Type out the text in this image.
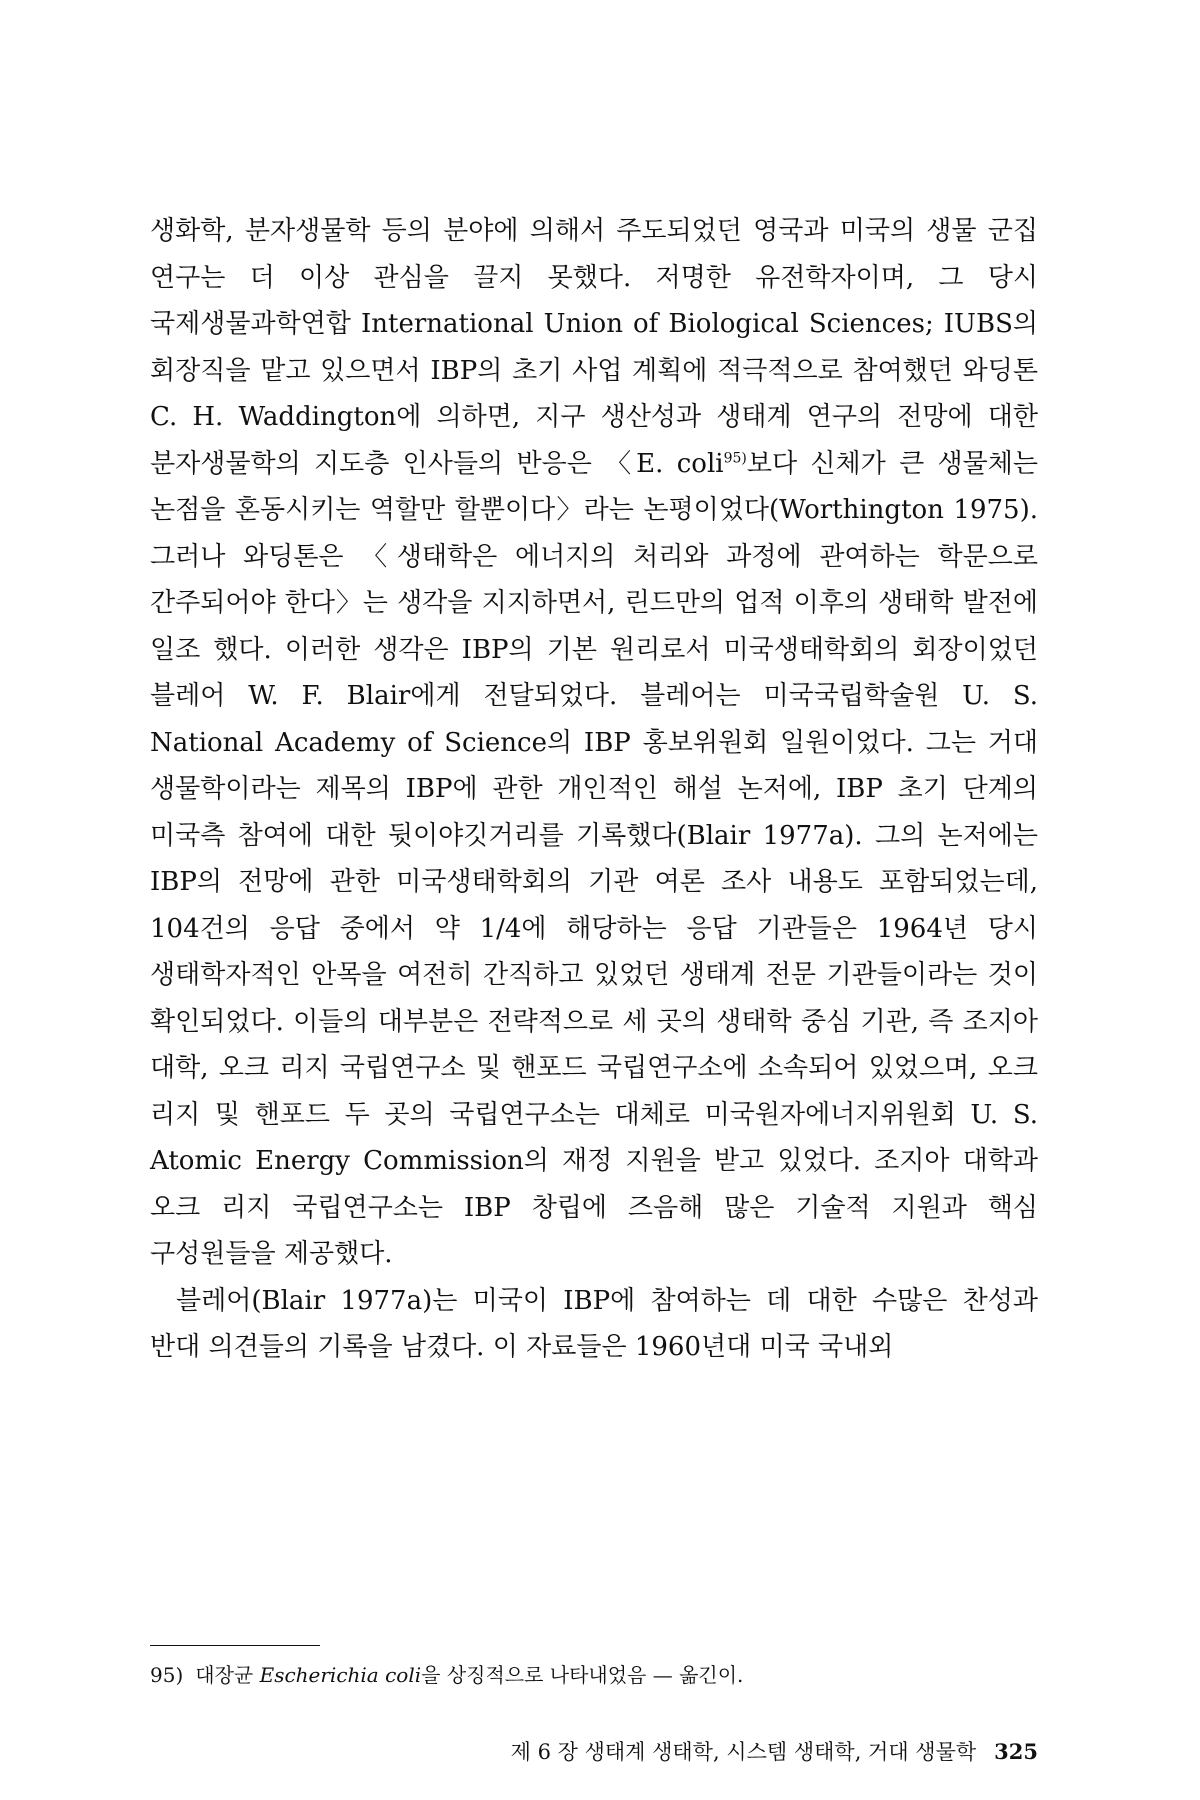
생화학, 분자생물학 등의 분야에 의해서 주도되었던 영국과 미국의 생물 군집 연구는 더 이상 관심을 끌지 못했다. 저명한 유전학자이며, 그 당시 국제생물과학연합 International Union of Biological Sciences; IUBS의 회장직을 맡고 있으면서 IBP의 초기 사업 계획에 적극적으로 참여했던 와딩톤 C. H. Waddington에 의하면, 지구 생산성과 생태계 연구의 전망에 대한 분자생물학의 지도층 인사들의 반응은 〈E. coli$^{95)}$보다 신체가 큰 생물체는 논점을 혼동시키는 역할만 할뿐이다〉라는 논평이었다(Worthington 1975). 그러나 와딩톤은 〈생태학은 에너지의 처리와 과정에 관여하는 학문으로 간주되어야 한다〉는 생각을 지지하면서, 린드만의 업적 이후의 생태학 발전에 일조 했다. 이러한 생각은 IBP의 기본 원리로서 미국생태학회의 회장이었던 블레어 W. F. Blair에게 전달되었다. 블레어는 미국국립학술원 U. S. National Academy of Science의 IBP 홍보위원회 일원이었다. 그는 거대 생물학이라는 제목의 IBP에 관한 개인적인 해설 논저에, IBP 초기 단계의 미국측 참여에 대한 뒷이야깃거리를 기록했다(Blair 1977a). 그의 논저에는 IBP의 전망에 관한 미국생태학회의 기관 여론 조사 내용도 포함되었는데, 104건의 응답 중에서 약 1/4에 해당하는 응답 기관들은 1964년 당시 생태학자적인 안목을 여전히 간직하고 있었던 생태계 전문 기관들이라는 것이 확인되었다. 이들의 대부분은 전략적으로 세 곳의 생태학 중심 기관, 즉 조지아 대학, 오크 리지 국립연구소 및 핸포드 국립연구소에 소속되어 있었으며, 오크 리지 및 핸포드 두 곳의 국립연구소는 대체로 미국원자에너지위원회 U. S. Atomic Energy Commission의 재정 지원을 받고 있었다. 조지아 대학과 오크 리지 국립연구소는 IBP 창립에 즈음해 많은 기술적 지원과 핵심 구성원들을 제공했다.

블레어(Blair 1977a)는 미국이 IBP에 참여하는 데 대한 수많은 찬성과 반대 의견들의 기록을 남겼다. 이 자료들은 1960년대 미국 국내외

95) 대장균 Escherichia coli을 상징적으로 나타내었음 — 옮긴이.
제 6 장 생태계 생태학, 시스템 생태학, 거대 생물학 325
